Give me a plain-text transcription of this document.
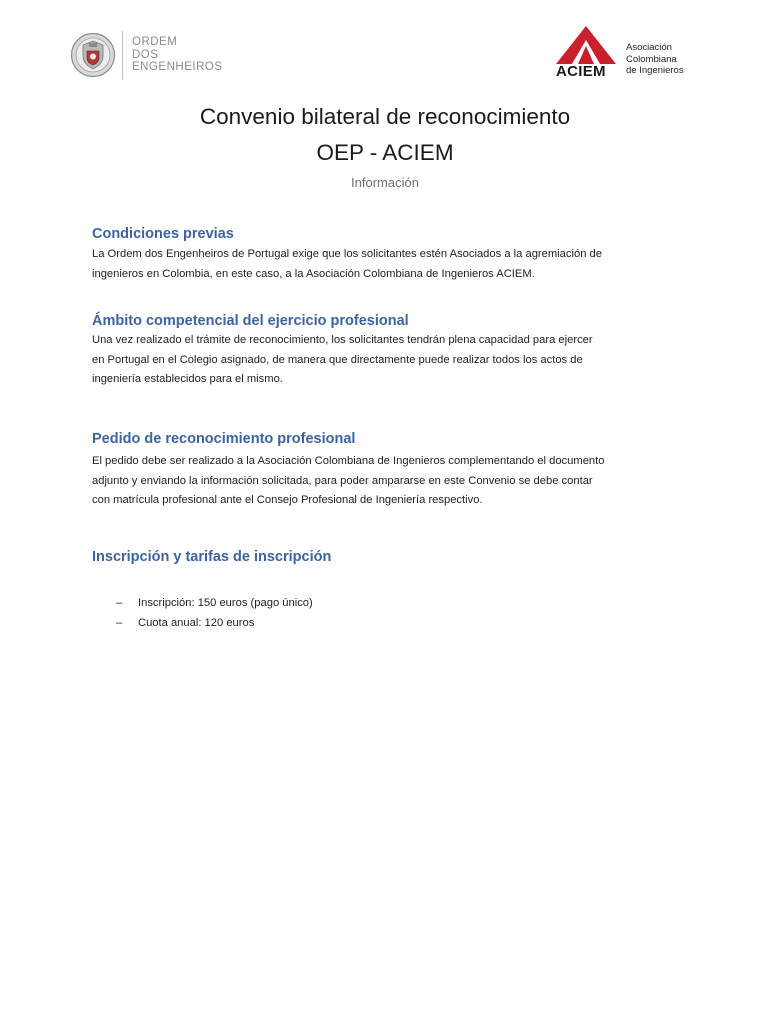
ORDEM
DOS
ENGENHEIROS	ACIEM
Asociación
Colombiana
de Ingenieros
Convenio bilateral de reconocimiento
OEP - ACIEM
Información
Condiciones previas

La Ordem dos Engenheiros de Portugal exige que los solicitantes estén Asociados a la agremiación de

ingenieros en Colombia, en este caso, a la Asociación Colombiana de Ingenieros ACIEM.

Ámbito competencial del ejercicio profesional

Una vez realizado el trámite de reconocimiento, los solicitantes tendrán plena capacidad para ejercer

en Portugal en el Colegio asignado, de manera que directamente puede realizar todos los actos de

ingeniería establecidos para el mismo.

Pedido de reconocimiento profesional

El pedido debe ser realizado a la Asociación Colombiana de Ingenieros complementando el documento

adjunto y enviando la información solicitada, para poder ampararse en este Convenio se debe contar

con matrícula profesional ante el Consejo Profesional de Ingeniería respectivo.

Inscripción y tarifas de inscripción
–	Inscripción: 150 euros (pago único)
–	Cuota anual: 120 euros
